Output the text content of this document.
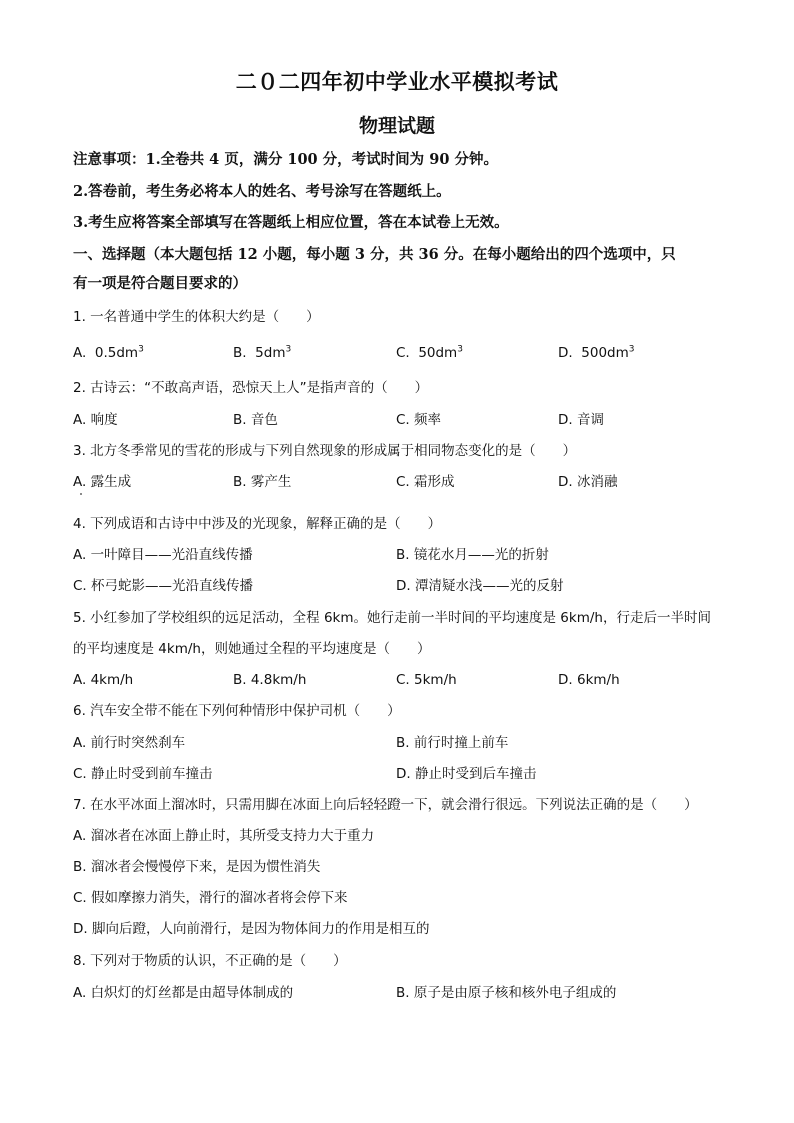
二０二四年初中学业水平模拟考试
物理试题
注意事项：1.全卷共 4 页，满分 100 分，考试时间为 90 分钟。
2.答卷前，考生务必将本人的姓名、考号涂写在答题纸上。
3.考生应将答案全部填写在答题纸上相应位置，答在本试卷上无效。
一、选择题（本大题包括 12 小题，每小题 3 分，共 36 分。在每小题给出的四个选项中，只
有一项是符合题目要求的）
1. 一名普通中学生的体积大约是（　　）
A. $0.5dm^3$	B. $5dm^3$	C. $50dm^3$	D. $500dm^3$
2. 古诗云：“不敢高声语，恐惊天上人”是指声音的（　　）
A. 响度	B. 音色	C. 频率	D. 音调
3. 北方冬季常见的雪花的形成与下列自然现象的形成属于相同物态变化的是（　　）
A. 露生成	B. 雾产生	C. 霜形成	D. 冰消融
4. 下列成语和古诗中中涉及的光现象，解释正确的是（　　）
A. 一叶障目——光沿直线传播	B. 镜花水月——光的折射
C. 杯弓蛇影——光沿直线传播	D. 潭清疑水浅——光的反射
5. 小红参加了学校组织的远足活动，全程 6km。她行走前一半时间的平均速度是 6km/h，行走后一半时间
的平均速度是 4km/h，则她通过全程的平均速度是（　　）
A. 4km/h	B. 4.8km/h	C. 5km/h	D. 6km/h
6. 汽车安全带不能在下列何种情形中保护司机（　　）
A. 前行时突然刹车	B. 前行时撞上前车
C. 静止时受到前车撞击	D. 静止时受到后车撞击
7. 在水平冰面上溜冰时，只需用脚在冰面上向后轻轻蹬一下，就会滑行很远。下列说法正确的是（　　）
A. 溜冰者在冰面上静止时，其所受支持力大于重力
B. 溜冰者会慢慢停下来，是因为惯性消失
C. 假如摩擦力消失，滑行的溜冰者将会停下来
D. 脚向后蹬，人向前滑行，是因为物体间力的作用是相互的
8. 下列对于物质的认识，不正确的是（　　）
A. 白炽灯的灯丝都是由超导体制成的	B. 原子是由原子核和核外电子组成的
